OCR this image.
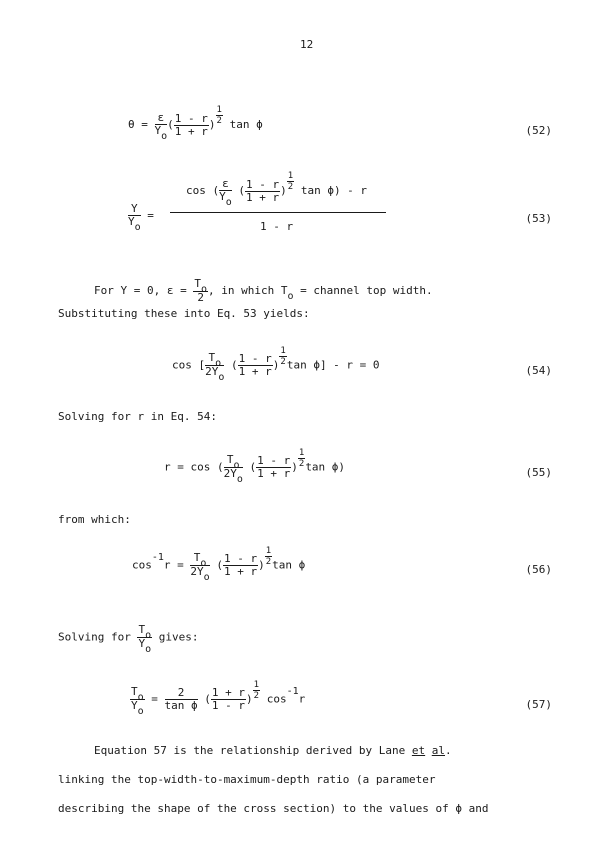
12
$\theta = \frac{\varepsilon}{Yo}$ ( $\frac{1 - r}{1 + r}$ ) $\frac{1}{2}$ tan ϕ	(52)
cos ( $\frac{\varepsilon}{Yo}$ ( $\frac{1 - r}{1 + r}$ ) $\frac{1}{2}$ tan ϕ) - r
$\frac{Y}{Yo}$ =
1 - r
(53)
For Y = 0, $\varepsilon = \frac{To}{2}$ , in which To = channel top width.
Substituting these into Eq. 53 yields:
cos [ $\frac{To}{2Yo}$ ( $\frac{1 - r}{1 + r}$ ) $\frac{1}{2}$ tan ϕ] - r = 0	(54)
Solving for r in Eq. 54:
r = cos ( $\frac{To}{2Yo}$ ( $\frac{1 - r}{1 + r}$ ) $\frac{1}{2}$ tan ϕ)	(55)
from which:
$\cos-1r = \frac{To}{2Yo}$ ( $\frac{1 - r}{1 + r}$ ) $\frac{1}{2}$ tan ϕ	(56)
Solving for $\frac{To}{Yo}$ gives:
$\frac{To}{Yo} = \frac{2}{\text{tan ϕ}}$ ( $\frac{1 + r}{1 - r}$ ) $\frac{1}{2} \cos-1r$	(57)
Equation 57 is the relationship derived by Lane et al.
linking the top-width-to-maximum-depth ratio (a parameter
describing the shape of the cross section) to the values of ϕ and
